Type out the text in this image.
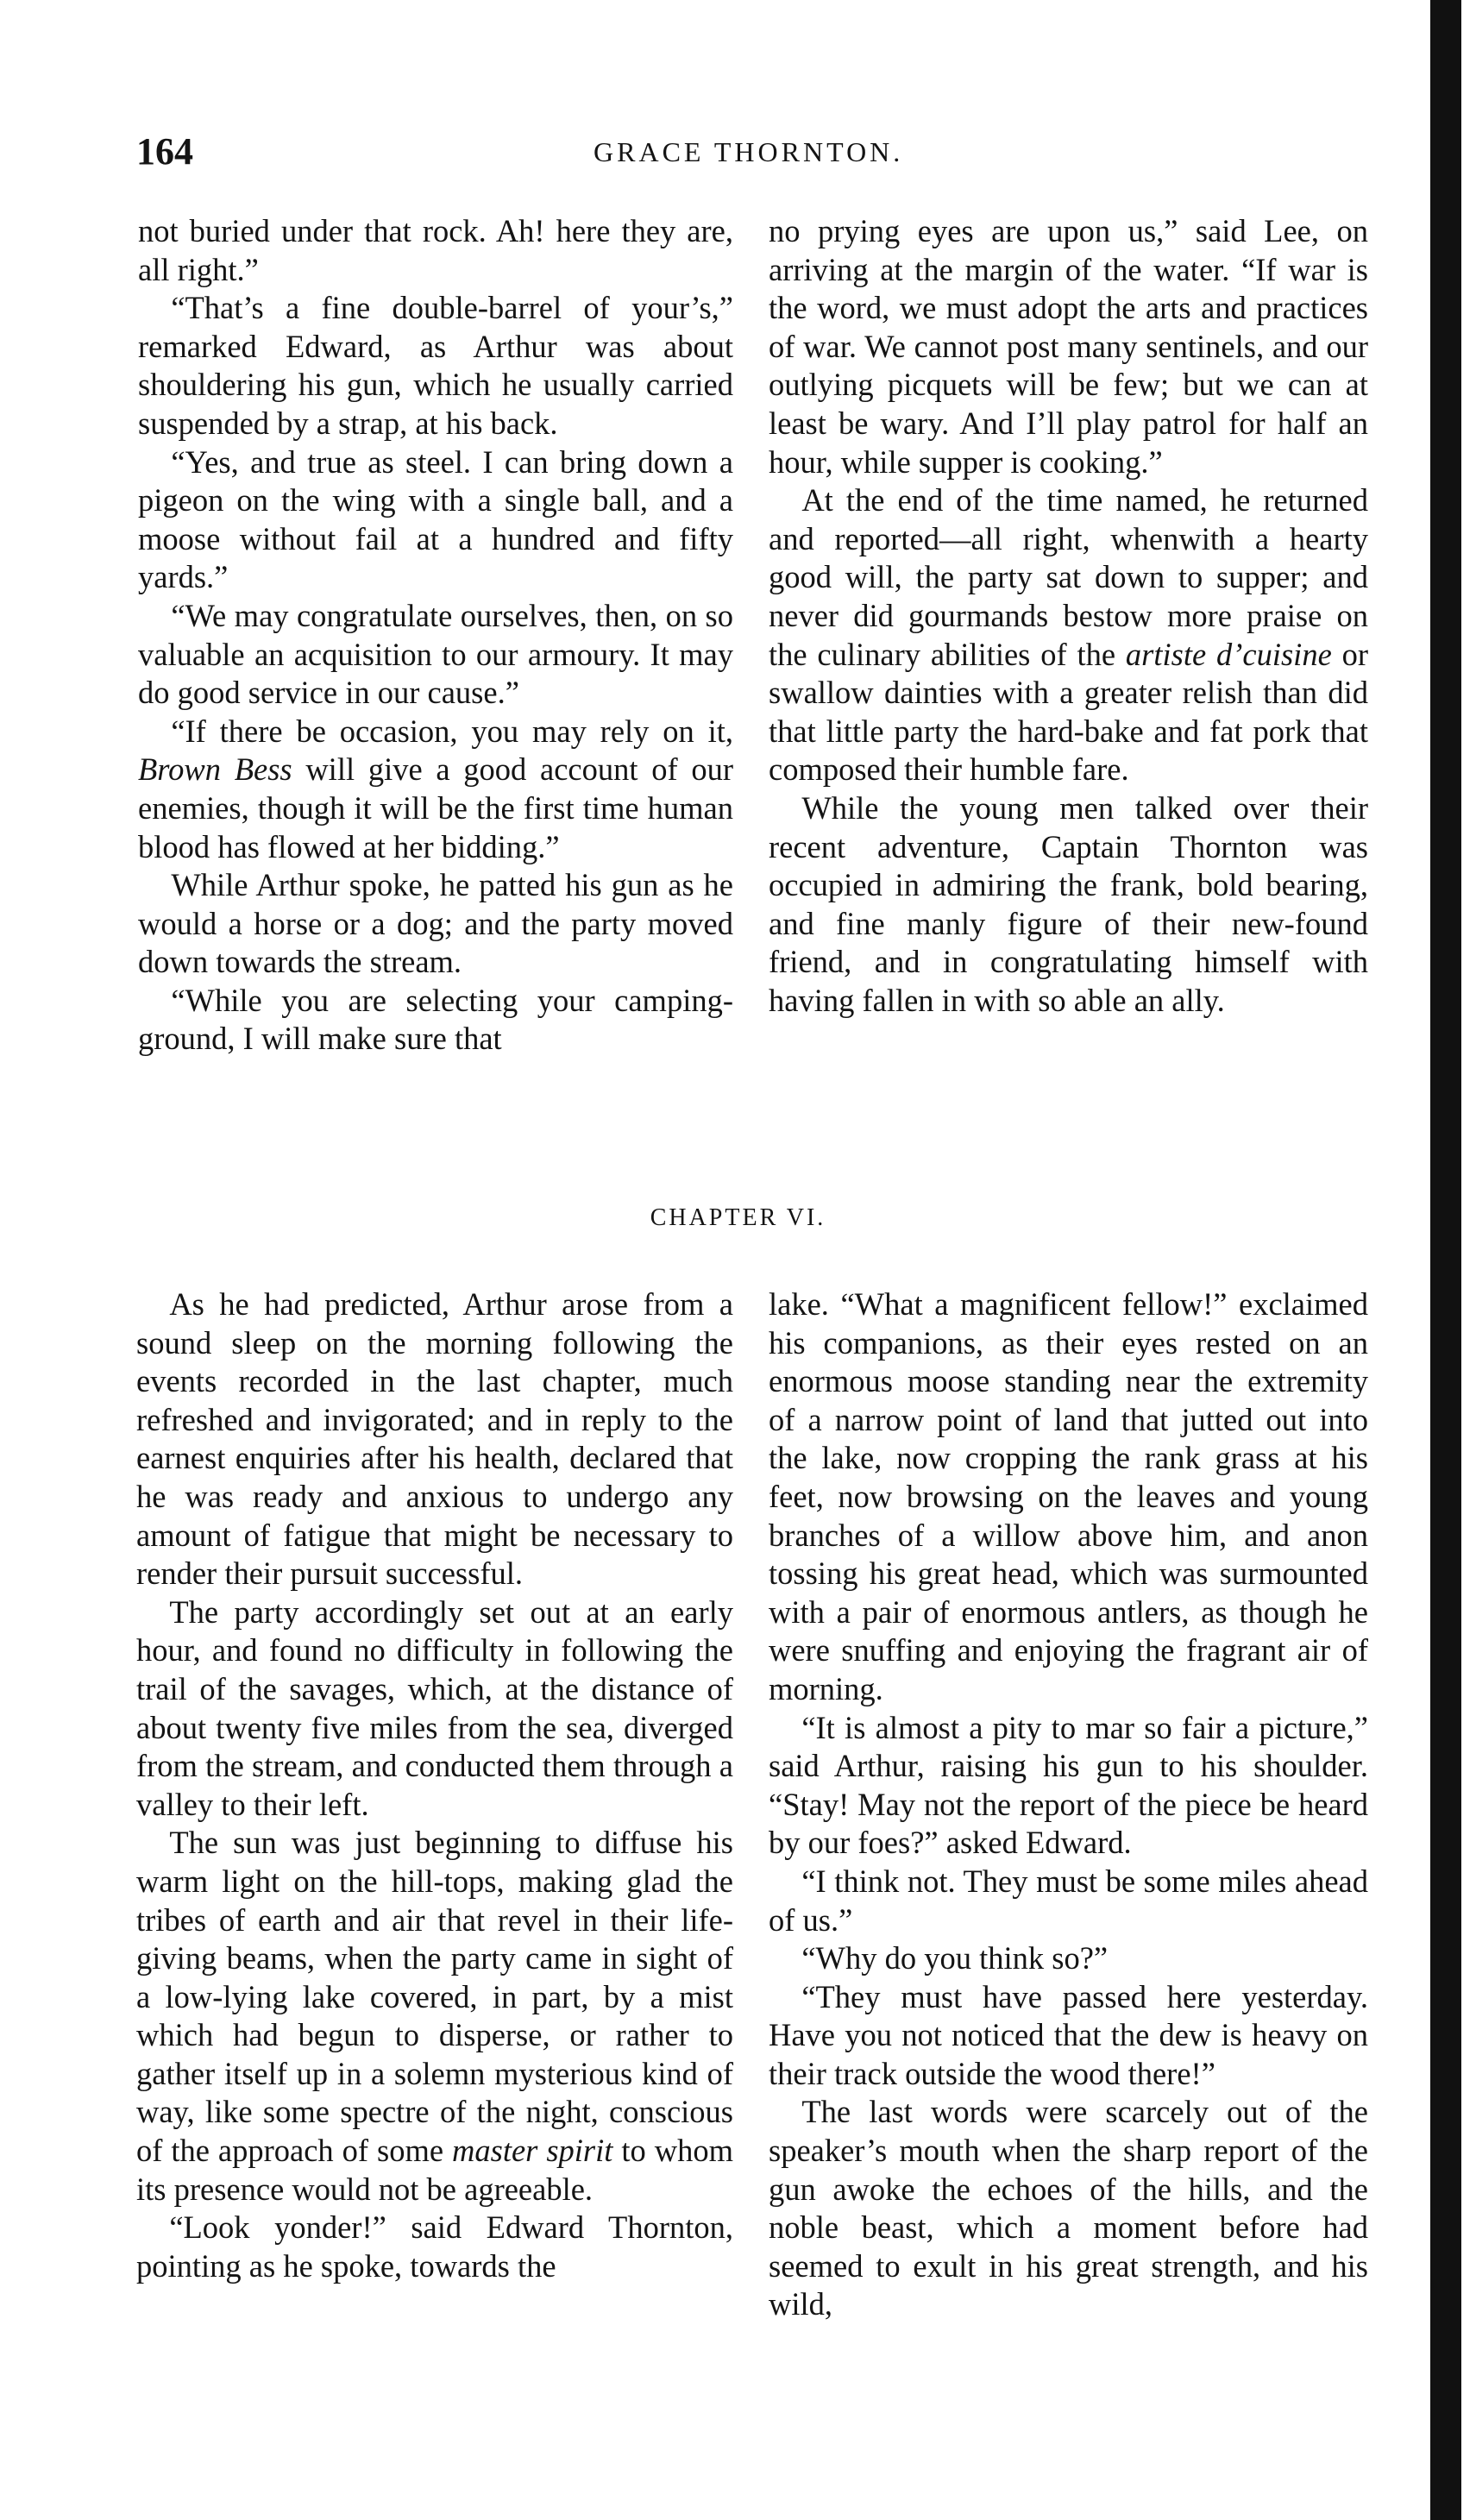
164	GRACE THORNTON.

not buried under that rock. Ah! here they are, all right.”

“That’s a fine double-barrel of your’s,” remarked Edward, as Arthur was about shouldering his gun, which he usually carried suspended by a strap, at his back.

“Yes, and true as steel. I can bring down a pigeon on the wing with a single ball, and a moose without fail at a hundred and fifty yards.”

“We may congratulate ourselves, then, on so valuable an acquisition to our armoury. It may do good service in our cause.”

“If there be occasion, you may rely on it, Brown Bess will give a good account of our enemies, though it will be the first time human blood has flowed at her bidding.”

While Arthur spoke, he patted his gun as he would a horse or a dog; and the party moved down towards the stream.

“While you are selecting your camping-ground, I will make sure that

no prying eyes are upon us,” said Lee, on arriving at the margin of the water. “If war is the word, we must adopt the arts and practices of war. We cannot post many sentinels, and our outlying picquets will be few; but we can at least be wary. And I’ll play patrol for half an hour, while supper is cooking.”

At the end of the time named, he returned and reported—all right, whenwith a hearty good will, the party sat down to supper; and never did gourmands bestow more praise on the culinary abilities of the artiste d’cuisine or swallow dainties with a greater relish than did that little party the hard-bake and fat pork that composed their humble fare.

While the young men talked over their recent adventure, Captain Thornton was occupied in admiring the frank, bold bearing, and fine manly figure of their new-found friend, and in congratulating himself with having fallen in with so able an ally.

CHAPTER VI.

As he had predicted, Arthur arose from a sound sleep on the morning following the events recorded in the last chapter, much refreshed and invigorated; and in reply to the earnest enquiries after his health, declared that he was ready and anxious to undergo any amount of fatigue that might be necessary to render their pursuit successful.

The party accordingly set out at an early hour, and found no difficulty in following the trail of the savages, which, at the distance of about twenty five miles from the sea, diverged from the stream, and conducted them through a valley to their left.

The sun was just beginning to diffuse his warm light on the hill-tops, making glad the tribes of earth and air that revel in their life-giving beams, when the party came in sight of a low-lying lake covered, in part, by a mist which had begun to disperse, or rather to gather itself up in a solemn mysterious kind of way, like some spectre of the night, conscious of the approach of some master spirit to whom its presence would not be agreeable.

“Look yonder!” said Edward Thornton, pointing as he spoke, towards the

lake. “What a magnificent fellow!” exclaimed his companions, as their eyes rested on an enormous moose standing near the extremity of a narrow point of land that jutted out into the lake, now cropping the rank grass at his feet, now browsing on the leaves and young branches of a willow above him, and anon tossing his great head, which was surmounted with a pair of enormous antlers, as though he were snuffing and enjoying the fragrant air of morning.

“It is almost a pity to mar so fair a picture,” said Arthur, raising his gun to his shoulder. “Stay! May not the report of the piece be heard by our foes?” asked Edward.

“I think not. They must be some miles ahead of us.”

“Why do you think so?”

“They must have passed here yesterday. Have you not noticed that the dew is heavy on their track outside the wood there!”

The last words were scarcely out of the speaker’s mouth when the sharp report of the gun awoke the echoes of the hills, and the noble beast, which a moment before had seemed to exult in his great strength, and his wild,
